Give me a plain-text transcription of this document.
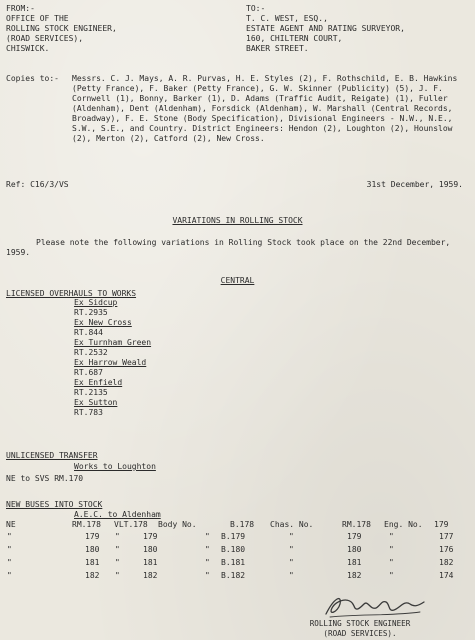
FROM:-
OFFICE OF THE
ROLLING STOCK ENGINEER,
(ROAD SERVICES),
CHISWICK.
TO:-
T. C. WEST, ESQ.,
ESTATE AGENT AND RATING SURVEYOR,
160, CHILTERN COURT,
BAKER STREET.
Copies to:- Messrs. C. J. Mays, A. R. Purvas, H. E. Styles (2), F. Rothschild, E. B. Hawkins (Petty France), F. Baker (Petty France), G. W. Skinner (Publicity) (5), J. F. Cornwell (1), Bonny, Barker (1), D. Adams (Traffic Audit, Reigate) (1), Fuller (Aldenham), Dent (Aldenham), Forsdick (Aldenham), W. Marshall (Central Records, Broadway), F. E. Stone (Body Specification), Divisional Engineers - N.W., N.E., S.W., S.E., and Country. District Engineers: Hendon (2), Loughton (2), Hounslow (2), Merton (2), Catford (2), New Cross.
Ref: C16/3/VS	31st December, 1959.
VARIATIONS IN ROLLING STOCK
Please note the following variations in Rolling Stock took place on the 22nd December, 1959.
CENTRAL
LICENSED OVERHAULS TO WORKS
Ex Sidcup
RT.2935
Ex New Cross
RT.844
Ex Turnham Green
RT.2532
Ex Harrow Weald
RT.687
Ex Enfield
RT.2135
Ex Sutton
RT.783
UNLICENSED TRANSFER
Works to Loughton
NE to SVS RM.170
NEW BUSES INTO STOCK
A.E.C. to Aldenham
NE	RM.178	VLT.178	Body No.	B.178	Chas. No.	RM.178	Eng. No.	179
"	179	"	179	"	B.179	"	179	"	177
"	180	"	180	"	B.180	"	180	"	176
"	181	"	181	"	B.181	"	181	"	182
"	182	"	182	"	B.182	"	182	"	174
ROLLING STOCK ENGINEER
(ROAD SERVICES).
